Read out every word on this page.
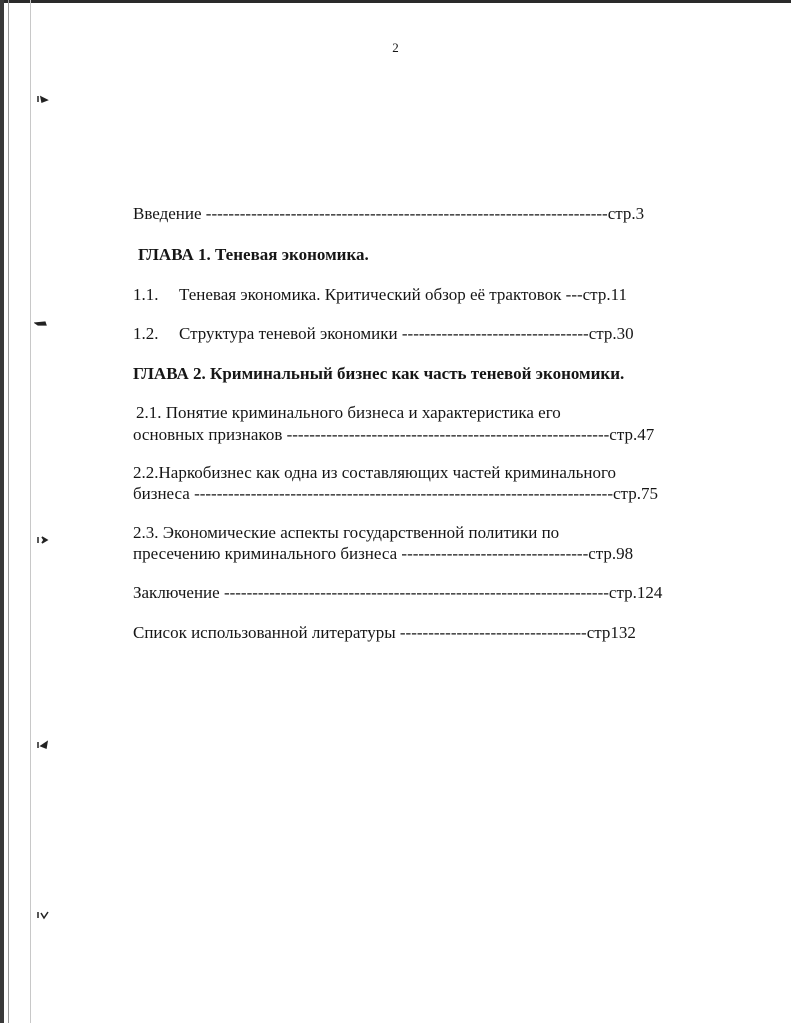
2
Введение -----------------------------------------------------------------------стр.3
ГЛАВА 1. Теневая экономика.
1.1. Теневая экономика. Критический обзор её трактовок ---стр.11
1.2. Структура теневой экономики ---------------------------------стр.30
ГЛАВА 2. Криминальный бизнес как часть теневой экономики.
2.1. Понятие криминального бизнеса и характеристика его
основных признаков ---------------------------------------------------------стр.47
2.2.Наркобизнес как одна из составляющих частей криминального
бизнеса --------------------------------------------------------------------------стр.75
2.3. Экономические аспекты государственной политики по
пресечению криминального бизнеса ---------------------------------стр.98
Заключение --------------------------------------------------------------------стр.124
Список использованной литературы ---------------------------------стр132
